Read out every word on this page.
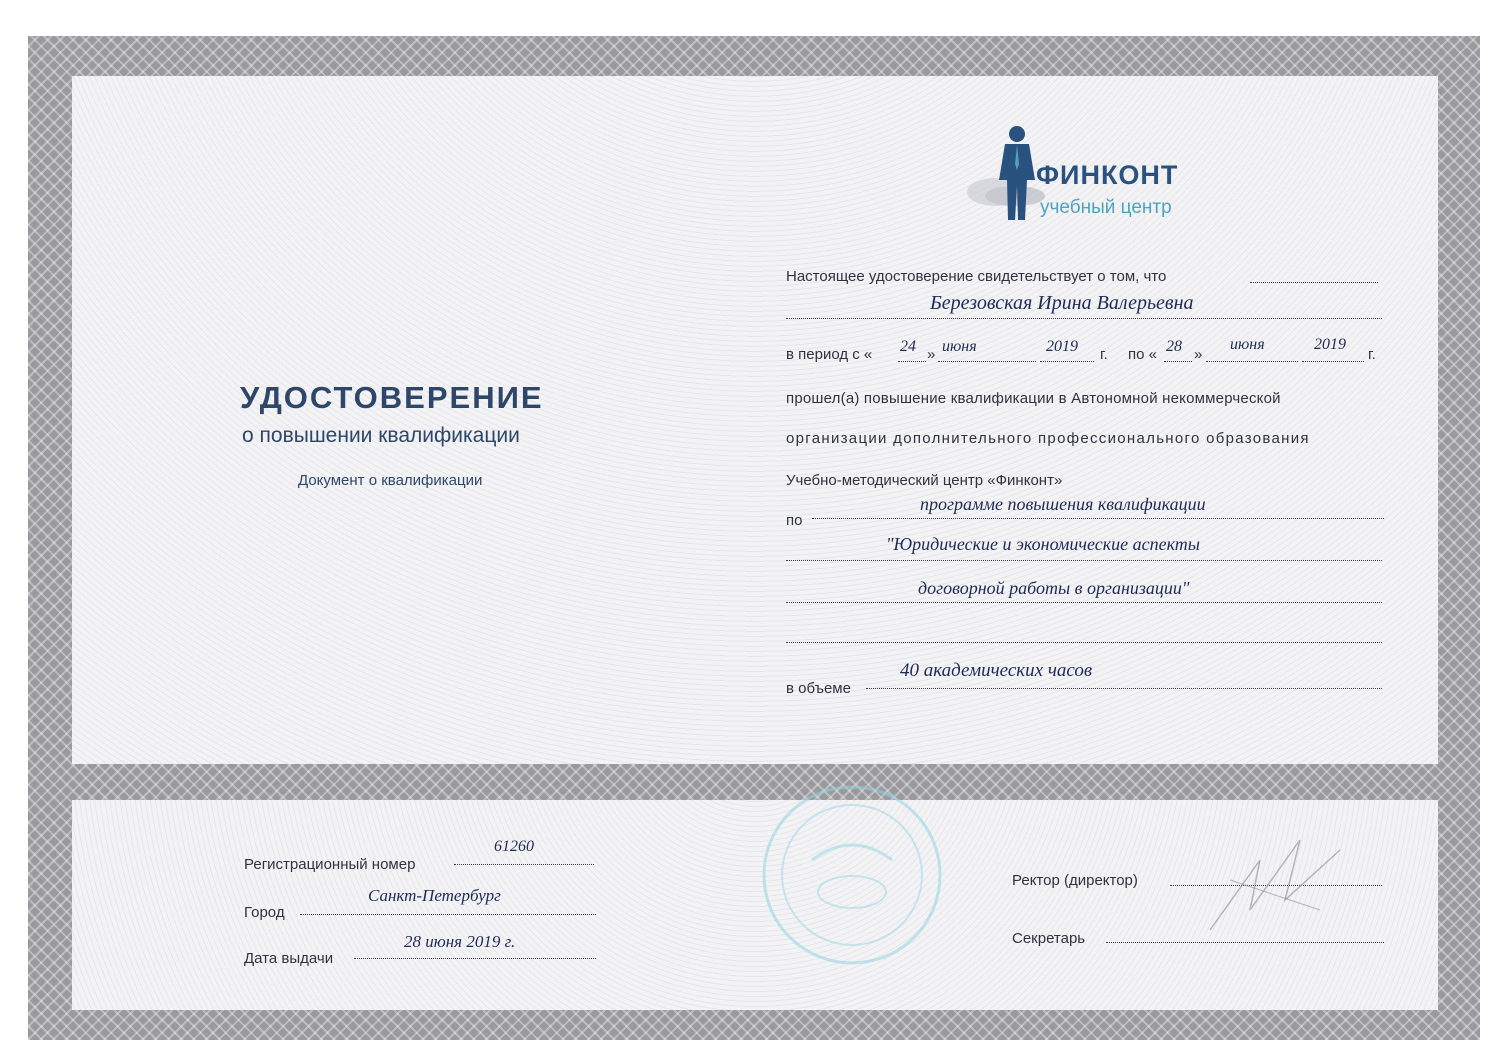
УДОСТОВЕРЕНИЕ
о повышении квалификации
Документ о квалификации
ФИНКОНТ
учебный центр
Настоящее удостоверение свидетельствует о том, что
Березовская Ирина Валерьевна
в период с « 24 » июня	2019 г. по « 28 »
июня	2019
г.
прошел(а) повышение квалификации в Автономной некоммерческой
организации дополнительного профессионального образования
Учебно-методический центр «Финконт»
по
программе повышения квалификации
"Юридические и экономические аспекты
договорной работы в организации"
в объеме
40 академических часов
Регистрационный номер
61260
Город
Санкт-Петербург
Дата выдачи
28 июня 2019 г.
Ректор (директор)
Секретарь
